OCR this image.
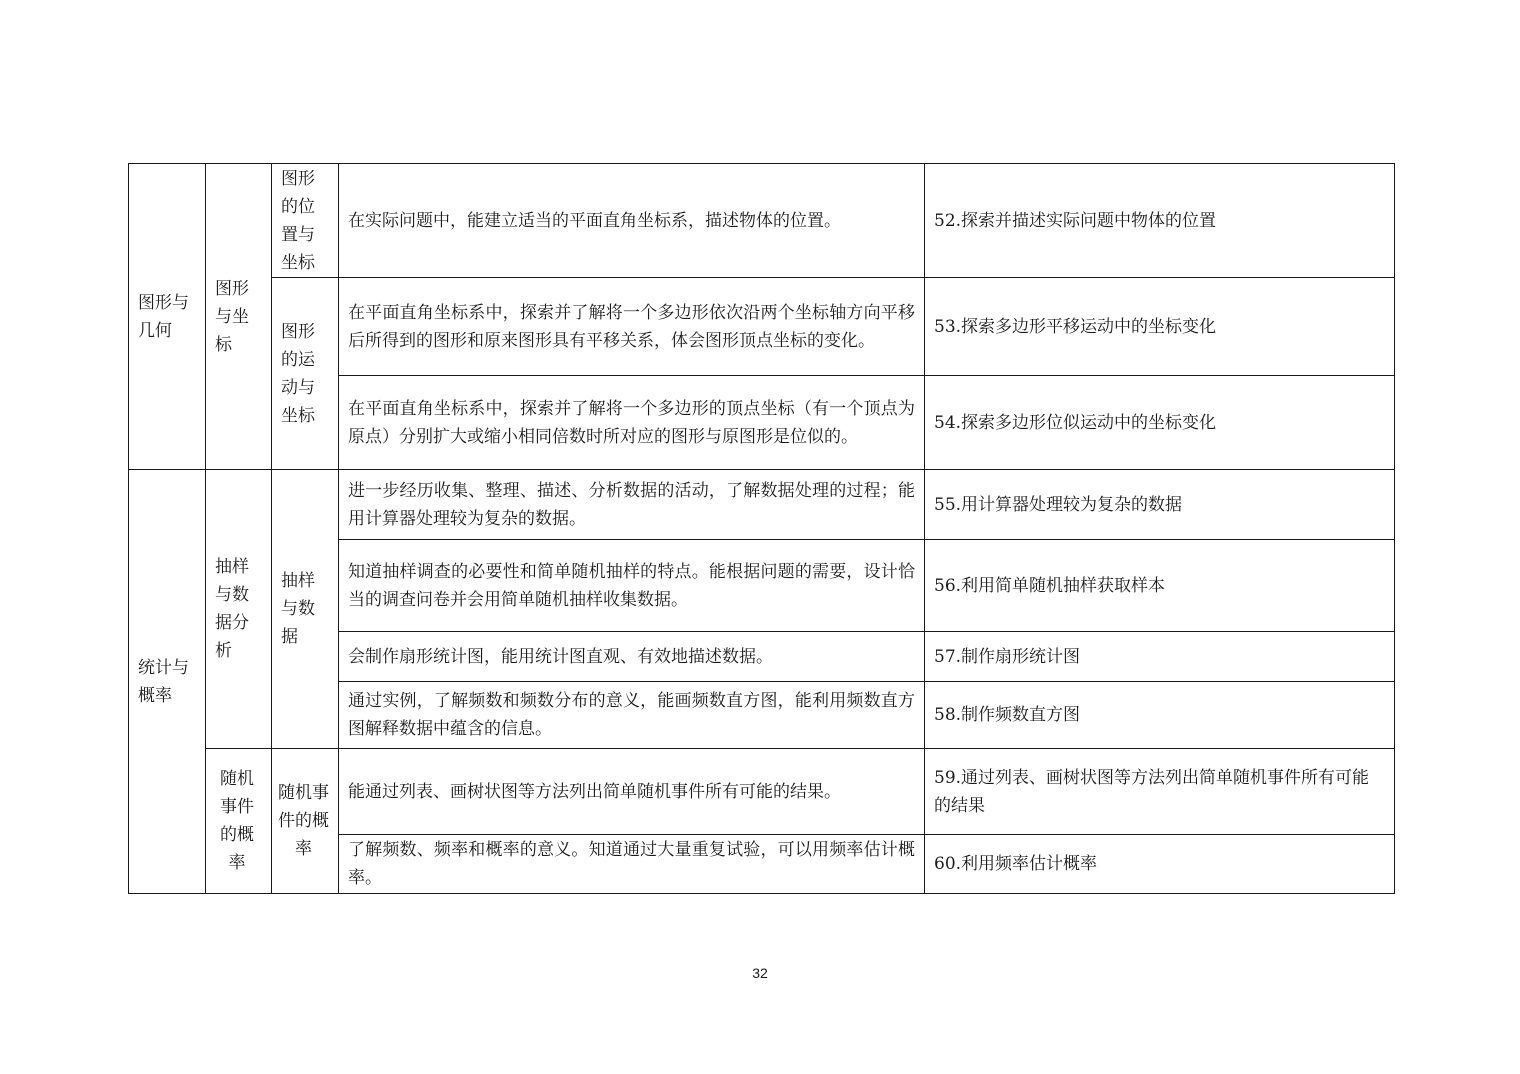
图形与几何	图形与坐标	图形的位置与坐标	在实际问题中，能建立适当的平面直角坐标系，描述物体的位置。	52.探索并描述实际问题中物体的位置
		图形的运动与坐标	在平面直角坐标系中，探索并了解将一个多边形依次沿两个坐标轴方向平移后所得到的图形和原来图形具有平移关系，体会图形顶点坐标的变化。	53.探索多边形平移运动中的坐标变化
			在平面直角坐标系中，探索并了解将一个多边形的顶点坐标（有一个顶点为原点）分别扩大或缩小相同倍数时所对应的图形与原图形是位似的。	54.探索多边形位似运动中的坐标变化
统计与概率	抽样与数据分析	抽样与数据	进一步经历收集、整理、描述、分析数据的活动，了解数据处理的过程；能用计算器处理较为复杂的数据。	55.用计算器处理较为复杂的数据
			知道抽样调查的必要性和简单随机抽样的特点。能根据问题的需要，设计恰当的调查问卷并会用简单随机抽样收集数据。	56.利用简单随机抽样获取样本
			会制作扇形统计图，能用统计图直观、有效地描述数据。	57.制作扇形统计图
			通过实例，了解频数和频数分布的意义，能画频数直方图，能利用频数直方图解释数据中蕴含的信息。	58.制作频数直方图
	随机事件的概率	随机事件的概率	能通过列表、画树状图等方法列出简单随机事件所有可能的结果。	59.通过列表、画树状图等方法列出简单随机事件所有可能的结果
			了解频数、频率和概率的意义。知道通过大量重复试验，可以用频率估计概率。	60.利用频率估计概率
32
